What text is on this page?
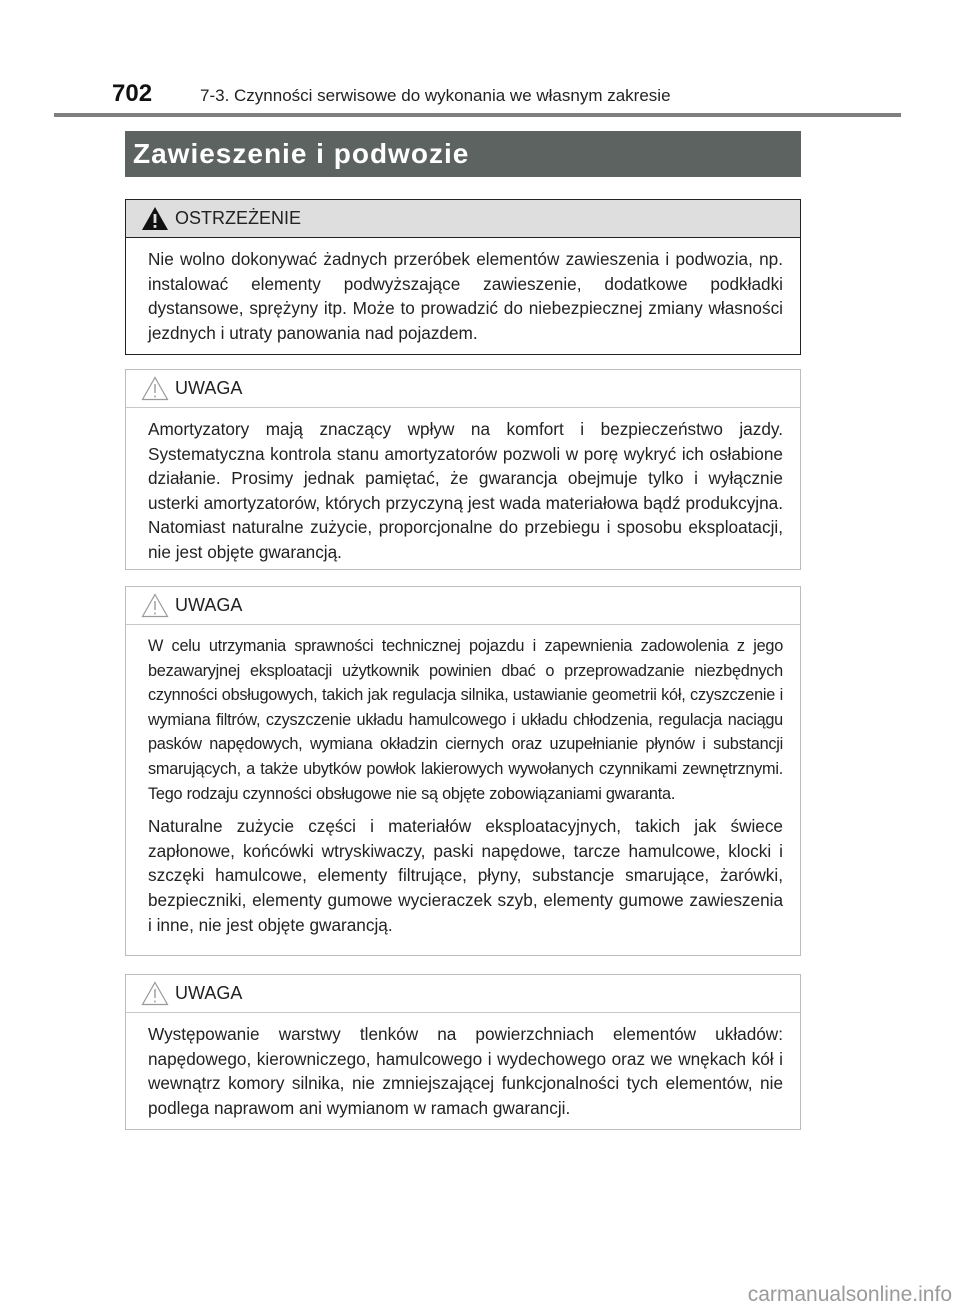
702	7-3. Czynności serwisowe do wykonania we własnym zakresie
Zawieszenie i podwozie
OSTRZEŻENIE

Nie wolno dokonywać żadnych przeróbek elementów zawieszenia i podwozia, np. instalować elementy podwyższające zawieszenie, dodatkowe podkładki dystansowe, sprężyny itp. Może to prowadzić do niebezpiecznej zmiany własności jezdnych i utraty panowania nad pojazdem.

UWAGA

Amortyzatory mają znaczący wpływ na komfort i bezpieczeństwo jazdy. Systematyczna kontrola stanu amortyzatorów pozwoli w porę wykryć ich osłabione działanie. Prosimy jednak pamiętać, że gwarancja obejmuje tylko i wyłącznie usterki amortyzatorów, których przyczyną jest wada materiałowa bądź produkcyjna. Natomiast naturalne zużycie, proporcjonalne do przebiegu i sposobu eksploatacji, nie jest objęte gwarancją.

UWAGA

W celu utrzymania sprawności technicznej pojazdu i zapewnienia zadowolenia z jego bezawaryjnej eksploatacji użytkownik powinien dbać o przeprowadzanie niezbędnych czynności obsługowych, takich jak regulacja silnika, ustawianie geometrii kół, czyszczenie i wymiana filtrów, czyszczenie układu hamulcowego i układu chłodzenia, regulacja naciągu pasków napędowych, wymiana okładzin ciernych oraz uzupełnianie płynów i substancji smarujących, a także ubytków powłok lakierowych wywołanych czynnikami zewnętrznymi. Tego rodzaju czynności obsługowe nie są objęte zobowiązaniami gwaranta.

Naturalne zużycie części i materiałów eksploatacyjnych, takich jak świece zapłonowe, końcówki wtryskiwaczy, paski napędowe, tarcze hamulcowe, klocki i szczęki hamulcowe, elementy filtrujące, płyny, substancje smarujące, żarówki, bezpieczniki, elementy gumowe wycieraczek szyb, elementy gumowe zawieszenia i inne, nie jest objęte gwarancją.

UWAGA

Występowanie warstwy tlenków na powierzchniach elementów układów: napędowego, kierowniczego, hamulcowego i wydechowego oraz we wnękach kół i wewnątrz komory silnika, nie zmniejszającej funkcjonalności tych elementów, nie podlega naprawom ani wymianom w ramach gwarancji.

carmanualsonline.info
